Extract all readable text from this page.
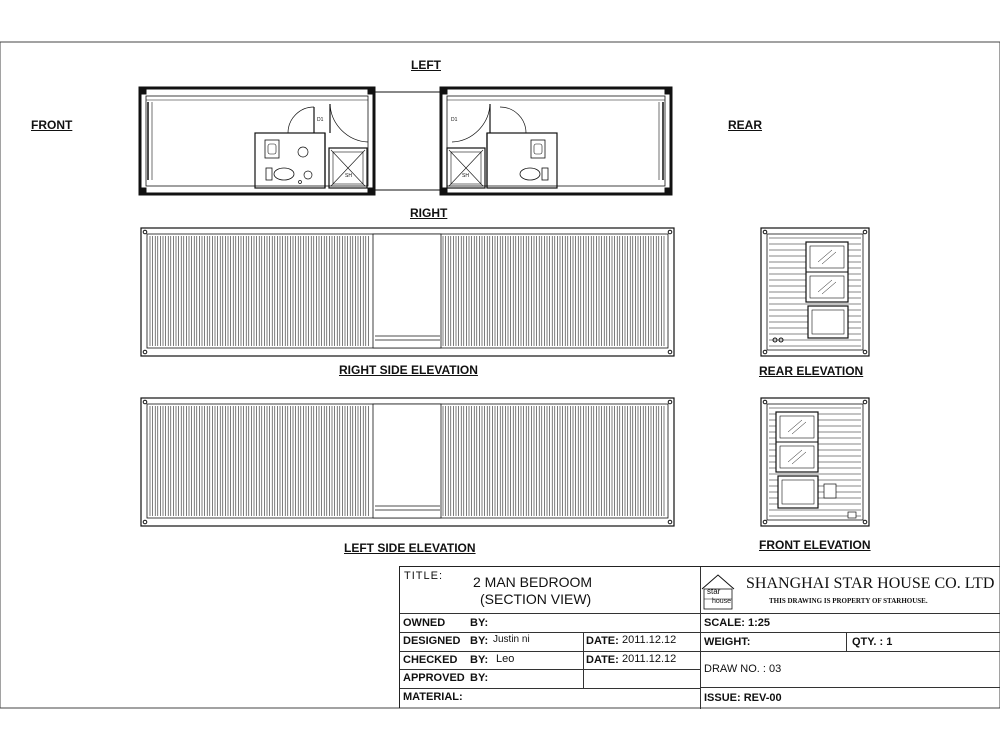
D1
SH
D1
SH
LEFT
FRONT	REAR
RIGHT
RIGHT SIDE ELEVATION	REAR ELEVATION
LEFT SIDE ELEVATION	FRONT ELEVATION
TITLE: 2 MAN BEDROOM
(SECTION VIEW)	star
house
SHANGHAI STAR HOUSE CO. LTD
THIS DRAWING IS PROPERTY OF STARHOUSE.
OWNED BY:
DESIGNED BY: Justin ni	DATE: 2011.12.12
CHECKED BY: Leo	DATE: 2011.12.12
APPROVED BY:
MATERIAL:
SCALE: 1:25
WEIGHT:	QTY. : 1
DRAW NO. : 03
ISSUE: REV-00
